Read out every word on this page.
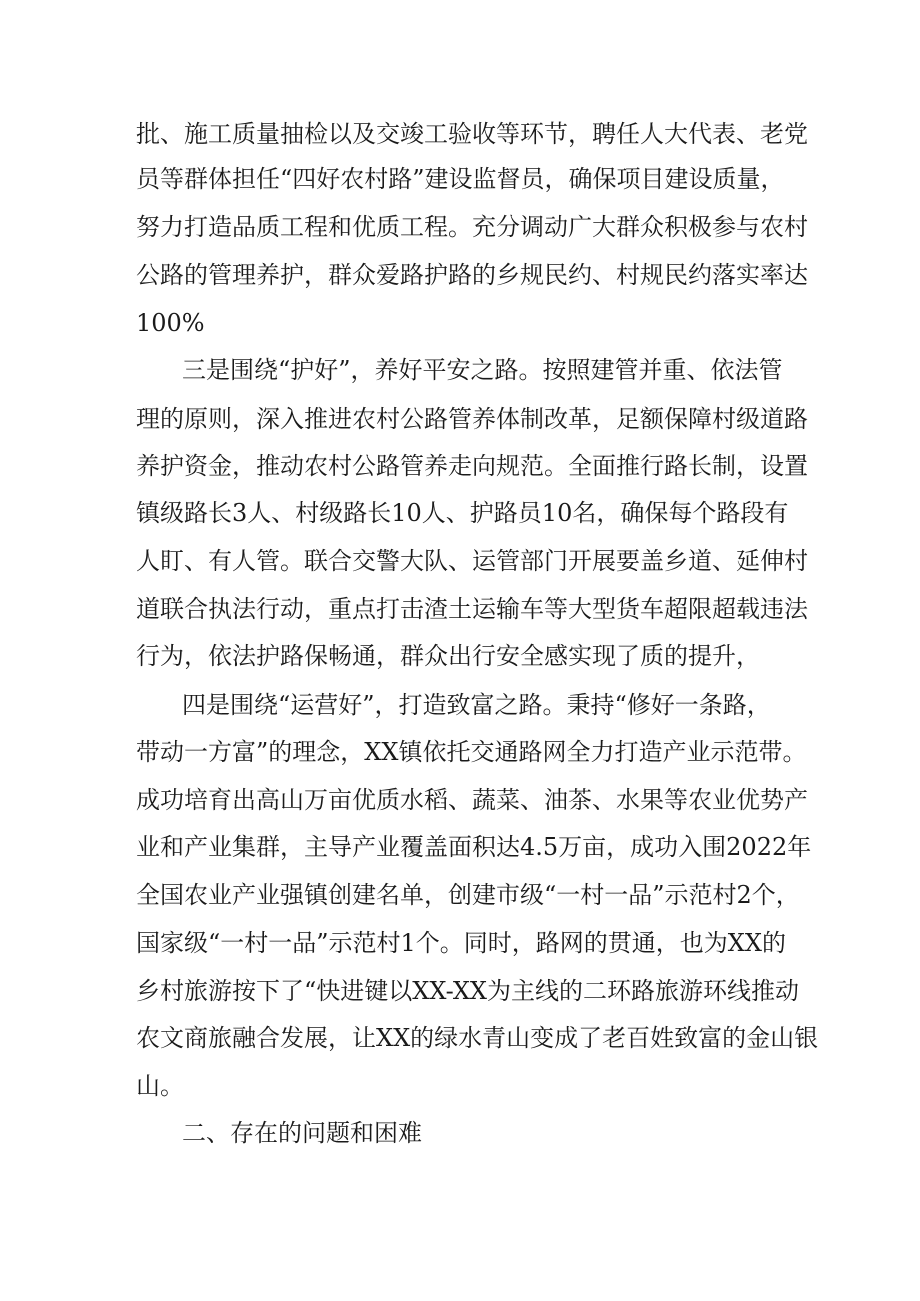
批、施工质量抽检以及交竣工验收等环节，聘任人大代表、老党

员等群体担任“四好农村路”建设监督员，确保项目建设质量，

努力打造品质工程和优质工程。充分调动广大群众积极参与农村

公路的管理养护，群众爱路护路的乡规民约、村规民约落实率达

100%

三是围绕“护好”，养好平安之路。按照建管并重、依法管

理的原则，深入推进农村公路管养体制改革，足额保障村级道路

养护资金，推动农村公路管养走向规范。全面推行路长制，设置

镇级路长3人、村级路长10人、护路员10名，确保每个路段有

人盯、有人管。联合交警大队、运管部门开展要盖乡道、延伸村

道联合执法行动，重点打击渣土运输车等大型货车超限超载违法

行为，依法护路保畅通，群众出行安全感实现了质的提升，

四是围绕“运营好”，打造致富之路。秉持“修好一条路，

带动一方富”的理念，XX镇依托交通路网全力打造产业示范带。

成功培育出高山万亩优质水稻、蔬菜、油茶、水果等农业优势产

业和产业集群，主导产业覆盖面积达4.5万亩，成功入围2022年

全国农业产业强镇创建名单，创建市级“一村一品”示范村2个，

国家级“一村一品”示范村1个。同时，路网的贯通，也为XX的

乡村旅游按下了“快进键以XX-XX为主线的二环路旅游环线推动

农文商旅融合发展，让XX的绿水青山变成了老百姓致富的金山银

山。

二、存在的问题和困难
